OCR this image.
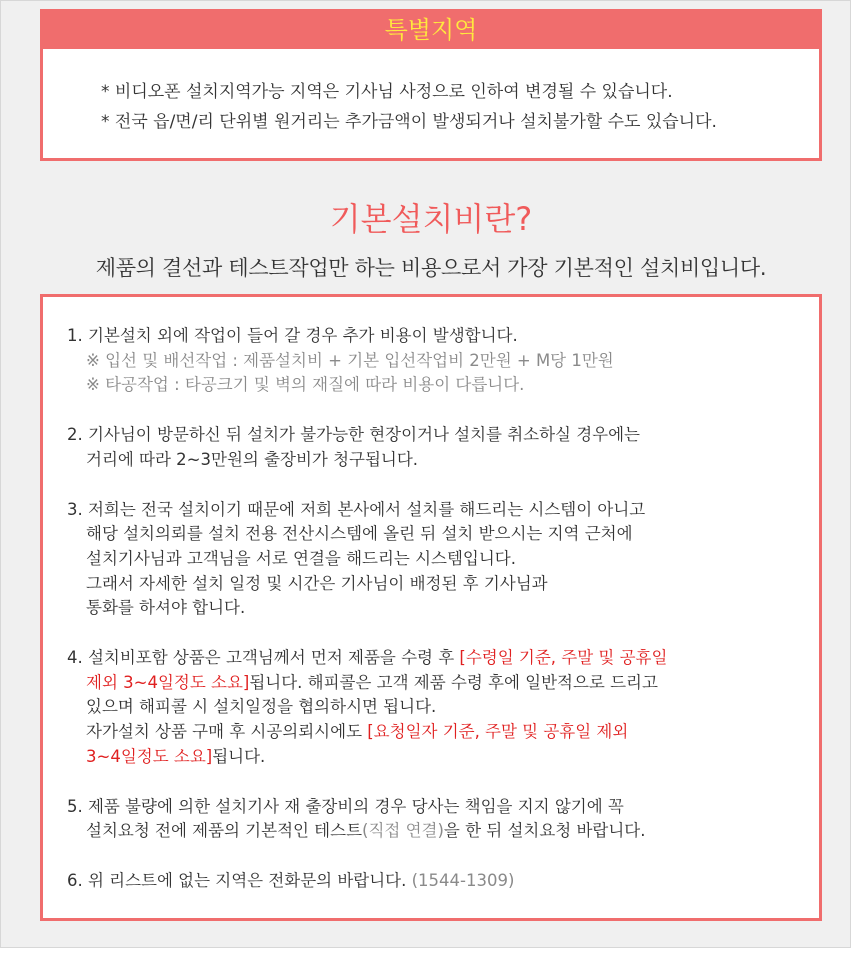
특별지역

* 비디오폰 설치지역가능 지역은 기사님 사정으로 인하여 변경될 수 있습니다.

* 전국 읍/면/리 단위별 원거리는 추가금액이 발생되거나 설치불가할 수도 있습니다.

기본설치비란?
제품의 결선과 테스트작업만 하는 비용으로서 가장 기본적인 설치비입니다.

1. 기본설치 외에 작업이 들어 갈 경우 추가 비용이 발생합니다.

※ 입선 및 배선작업 : 제품설치비 + 기본 입선작업비 2만원 + M당 1만원

※ 타공작업 : 타공크기 및 벽의 재질에 따라 비용이 다릅니다.

2. 기사님이 방문하신 뒤 설치가 불가능한 현장이거나 설치를 취소하실 경우에는

거리에 따라 2~3만원의 출장비가 청구됩니다.

3. 저희는 전국 설치이기 때문에 저희 본사에서 설치를 해드리는 시스템이 아니고

해당 설치의뢰를 설치 전용 전산시스템에 올린 뒤 설치 받으시는 지역 근처에

설치기사님과 고객님을 서로 연결을 해드리는 시스템입니다.

그래서 자세한 설치 일정 및 시간은 기사님이 배정된 후 기사님과

통화를 하셔야 합니다.

4. 설치비포함 상품은 고객님께서 먼저 제품을 수령 후 [수령일 기준, 주말 및 공휴일

제외 3~4일정도 소요]됩니다. 해피콜은 고객 제품 수령 후에 일반적으로 드리고

있으며 해피콜 시 설치일정을 협의하시면 됩니다.

자가설치 상품 구매 후 시공의뢰시에도 [요청일자 기준, 주말 및 공휴일 제외

3~4일정도 소요]됩니다.

5. 제품 불량에 의한 설치기사 재 출장비의 경우 당사는 책임을 지지 않기에 꼭

설치요청 전에 제품의 기본적인 테스트(직접 연결)을 한 뒤 설치요청 바랍니다.

6. 위 리스트에 없는 지역은 전화문의 바랍니다. (1544-1309)
